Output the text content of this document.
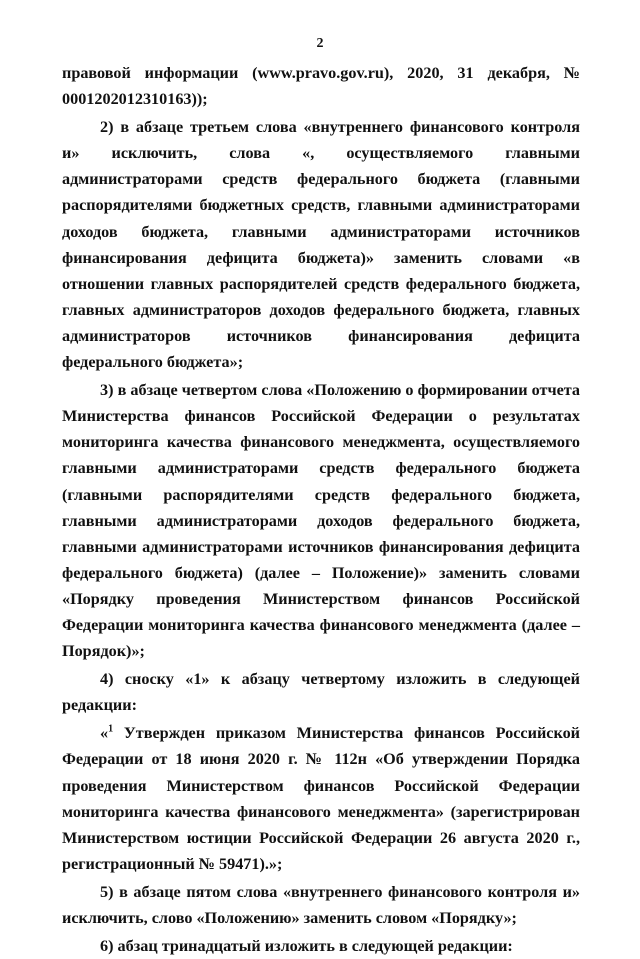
2

правовой информации (www.pravo.gov.ru), 2020, 31 декабря, № 0001202012310163));

2) в абзаце третьем слова «внутреннего финансового контроля и» исключить, слова «, осуществляемого главными администраторами средств федерального бюджета (главными распорядителями бюджетных средств, главными администраторами доходов бюджета, главными администраторами источников финансирования дефицита бюджета)» заменить словами «в отношении главных распорядителей средств федерального бюджета, главных администраторов доходов федерального бюджета, главных администраторов источников финансирования дефицита федерального бюджета»;

3) в абзаце четвертом слова «Положению о формировании отчета Министерства финансов Российской Федерации о результатах мониторинга качества финансового менеджмента, осуществляемого главными администраторами средств федерального бюджета (главными распорядителями средств федерального бюджета, главными администраторами доходов федерального бюджета, главными администраторами источников финансирования дефицита федерального бюджета) (далее – Положение)» заменить словами «Порядку проведения Министерством финансов Российской Федерации мониторинга качества финансового менеджмента (далее – Порядок)»;

4) сноску «1» к абзацу четвертому изложить в следующей редакции:

«$^1$ Утвержден приказом Министерства финансов Российской Федерации от 18 июня 2020 г. № 112н «Об утверждении Порядка проведения Министерством финансов Российской Федерации мониторинга качества финансового менеджмента» (зарегистрирован Министерством юстиции Российской Федерации 26 августа 2020 г., регистрационный № 59471).»;

5) в абзаце пятом слова «внутреннего финансового контроля и» исключить, слово «Положению» заменить словом «Порядку»;

6) абзац тринадцатый изложить в следующей редакции:
